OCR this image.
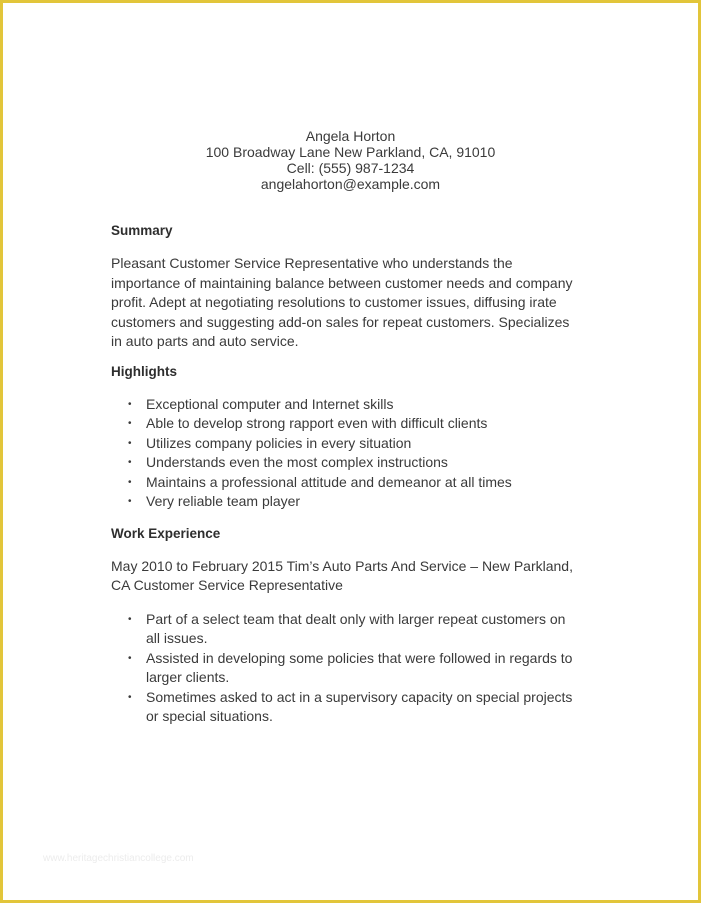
Angela Horton
100 Broadway Lane New Parkland, CA, 91010
Cell: (555) 987-1234
angelahorton@example.com
Summary
Pleasant Customer Service Representative who understands the importance of maintaining balance between customer needs and company profit. Adept at negotiating resolutions to customer issues, diffusing irate customers and suggesting add-on sales for repeat customers. Specializes in auto parts and auto service.
Highlights
• Exceptional computer and Internet skills
• Able to develop strong rapport even with difficult clients
• Utilizes company policies in every situation
• Understands even the most complex instructions
• Maintains a professional attitude and demeanor at all times
• Very reliable team player
Work Experience
May 2010 to February 2015 Tim’s Auto Parts And Service – New Parkland, CA Customer Service Representative
• Part of a select team that dealt only with larger repeat customers on all issues.
• Assisted in developing some policies that were followed in regards to larger clients.
• Sometimes asked to act in a supervisory capacity on special projects or special situations.
www.heritagechristiancollege.com
